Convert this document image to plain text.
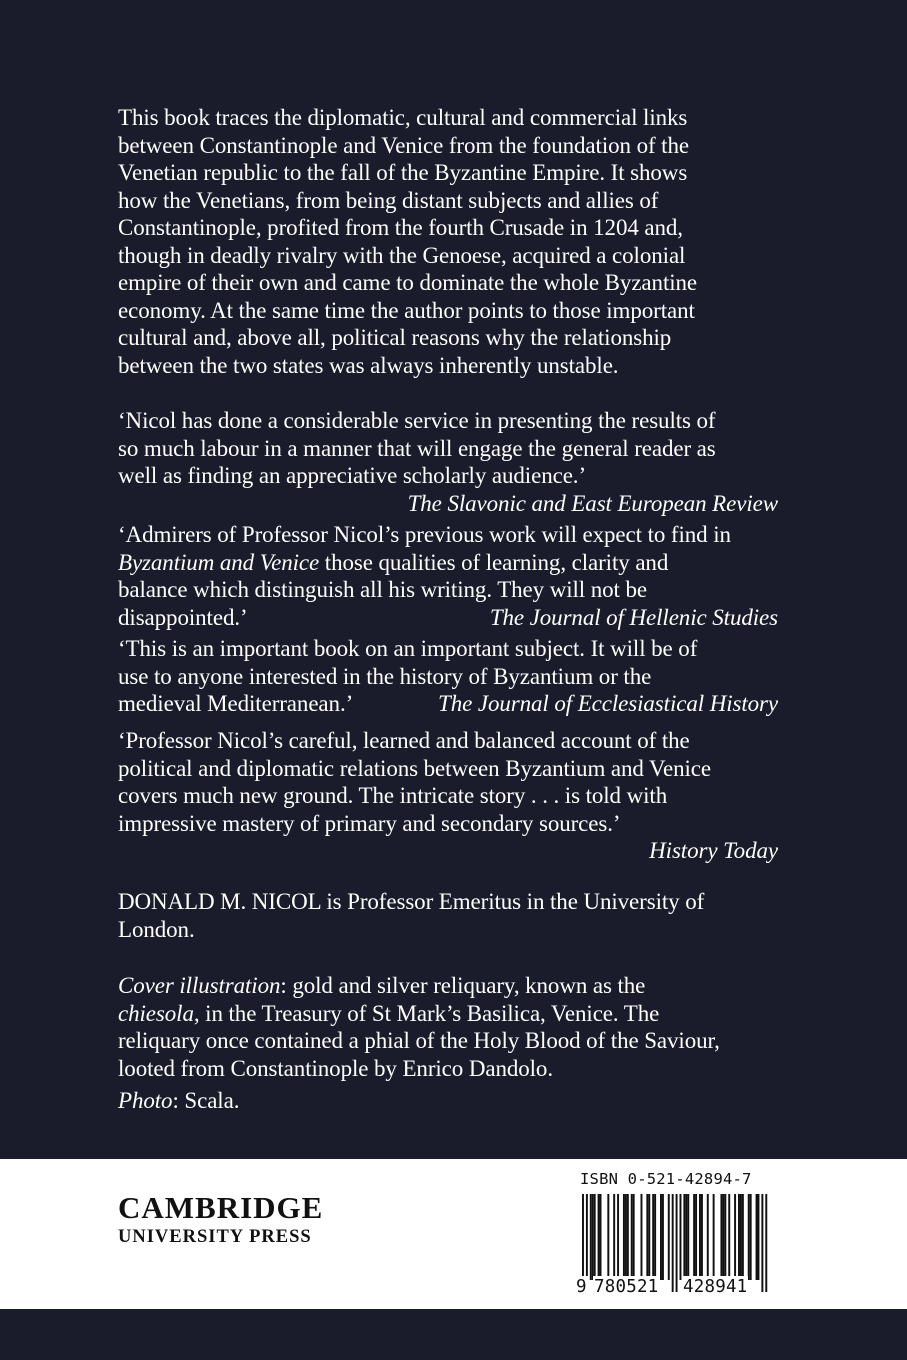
This book traces the diplomatic, cultural and commercial links

between Constantinople and Venice from the foundation of the

Venetian republic to the fall of the Byzantine Empire. It shows

how the Venetians, from being distant subjects and allies of

Constantinople, profited from the fourth Crusade in 1204 and,

though in deadly rivalry with the Genoese, acquired a colonial

empire of their own and came to dominate the whole Byzantine

economy. At the same time the author points to those important

cultural and, above all, political reasons why the relationship

between the two states was always inherently unstable.

‘Nicol has done a considerable service in presenting the results of

so much labour in a manner that will engage the general reader as

well as finding an appreciative scholarly audience.’

The Slavonic and East European Review

‘Admirers of Professor Nicol’s previous work will expect to find in

Byzantium and Venice those qualities of learning, clarity and

balance which distinguish all his writing. They will not be

disappointed.’	The Journal of Hellenic Studies

‘This is an important book on an important subject. It will be of

use to anyone interested in the history of Byzantium or the

medieval Mediterranean.’	The Journal of Ecclesiastical History

‘Professor Nicol’s careful, learned and balanced account of the

political and diplomatic relations between Byzantium and Venice

covers much new ground. The intricate story . . . is told with

impressive mastery of primary and secondary sources.’

History Today

DONALD M. NICOL is Professor Emeritus in the University of

London.

Cover illustration: gold and silver reliquary, known as the

chiesola, in the Treasury of St Mark’s Basilica, Venice. The

reliquary once contained a phial of the Holy Blood of the Saviour,

looted from Constantinople by Enrico Dandolo.

Photo: Scala.

CAMBRIDGE
UNIVERSITY PRESS
ISBN 0-521-42894-7
9 780521 428941
